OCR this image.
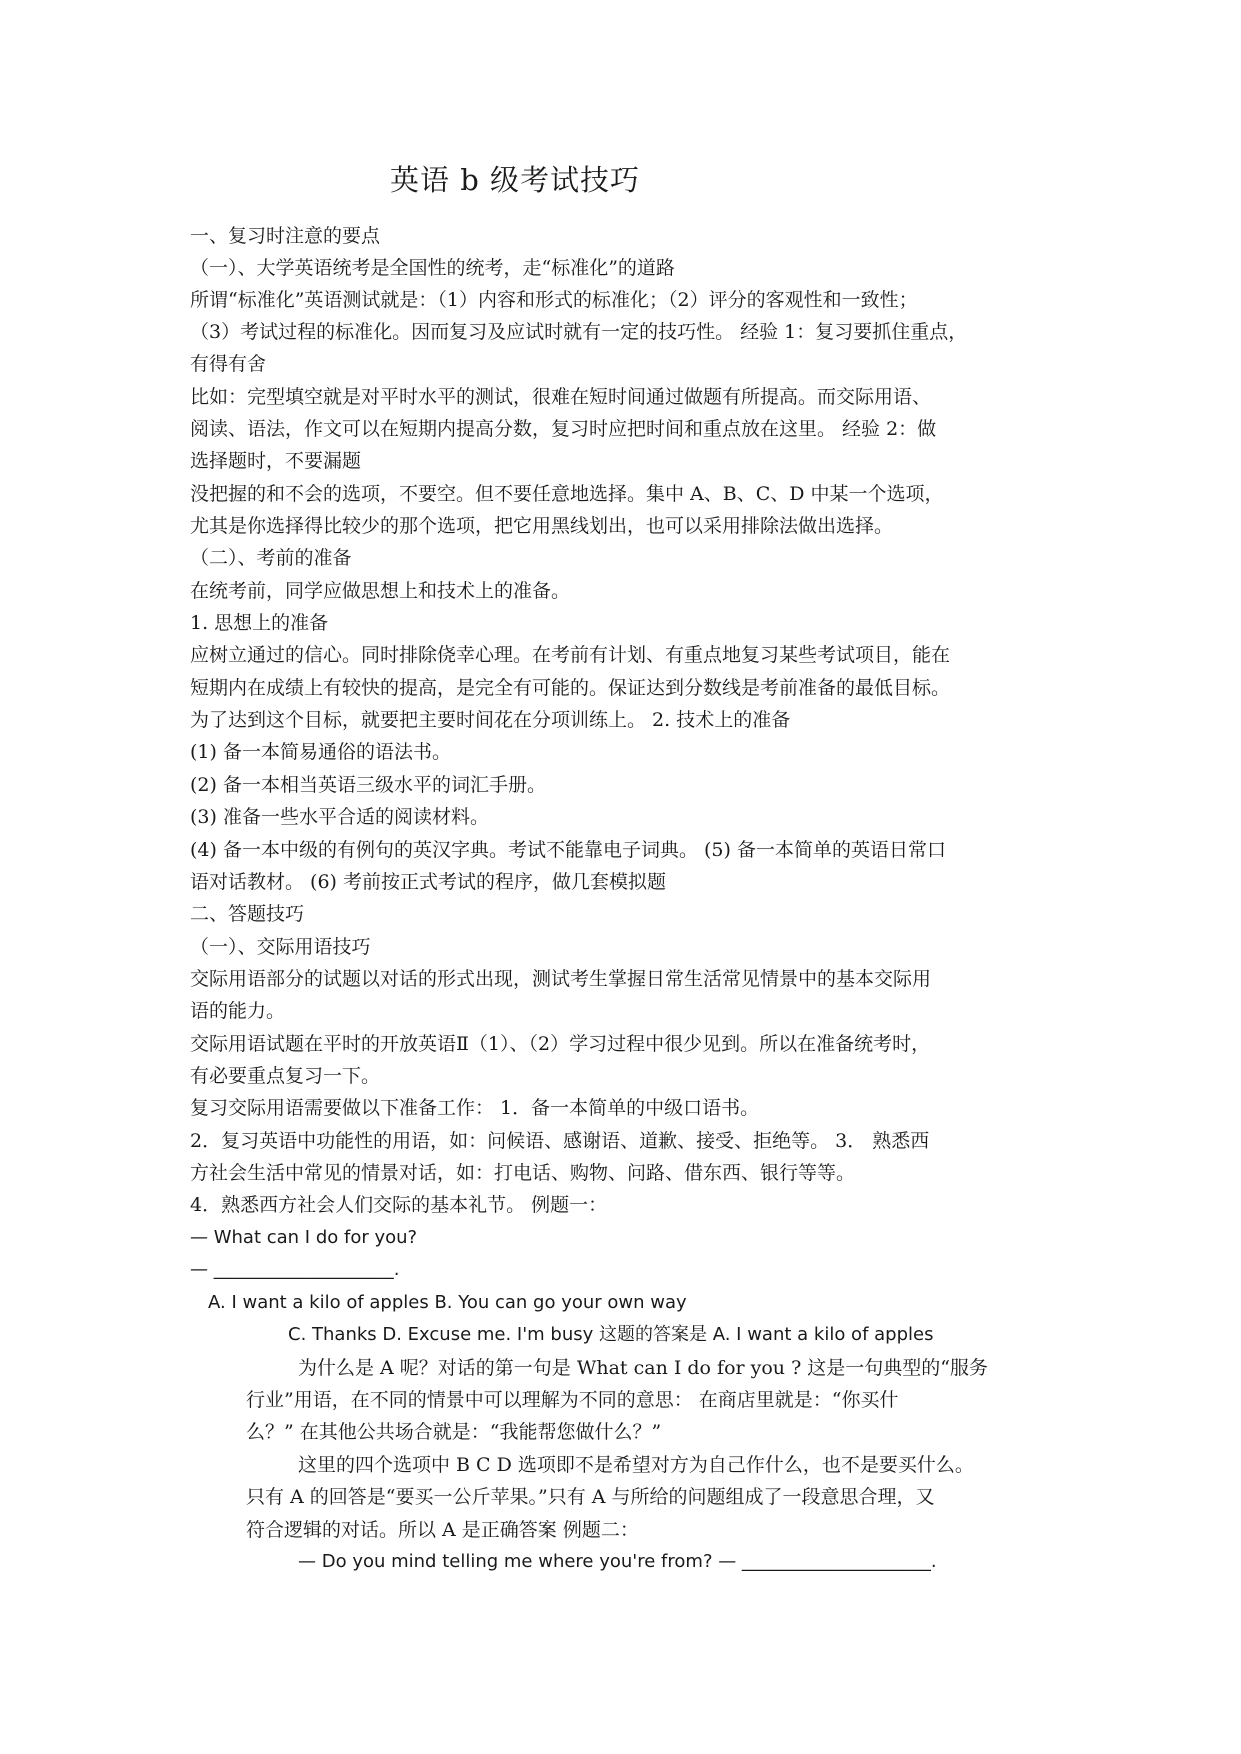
英语 b 级考试技巧
一、复习时注意的要点
（一）、大学英语统考是全国性的统考，走“标准化”的道路
所谓“标准化”英语测试就是：（1）内容和形式的标准化；（2）评分的客观性和一致性；
（3）考试过程的标准化。因而复习及应试时就有一定的技巧性。 经验 1：复习要抓住重点，
有得有舍
比如：完型填空就是对平时水平的测试，很难在短时间通过做题有所提高。而交际用语、
阅读、语法，作文可以在短期内提高分数，复习时应把时间和重点放在这里。 经验 2：做
选择题时，不要漏题
没把握的和不会的选项，不要空。但不要任意地选择。集中 A、B、C、D 中某一个选项，
尤其是你选择得比较少的那个选项，把它用黑线划出，也可以采用排除法做出选择。
（二）、考前的准备
在统考前，同学应做思想上和技术上的准备。
1. 思想上的准备
应树立通过的信心。同时排除侥幸心理。在考前有计划、有重点地复习某些考试项目，能在
短期内在成绩上有较快的提高，是完全有可能的。保证达到分数线是考前准备的最低目标。
为了达到这个目标，就要把主要时间花在分项训练上。 2. 技术上的准备
(1) 备一本简易通俗的语法书。
(2) 备一本相当英语三级水平的词汇手册。
(3) 准备一些水平合适的阅读材料。
(4) 备一本中级的有例句的英汉字典。考试不能靠电子词典。 (5) 备一本简单的英语日常口
语对话教材。 (6) 考前按正式考试的程序，做几套模拟题
二、答题技巧
（一）、交际用语技巧
交际用语部分的试题以对话的形式出现，测试考生掌握日常生活常见情景中的基本交际用
语的能力。
交际用语试题在平时的开放英语Ⅱ（1）、（2）学习过程中很少见到。所以在准备统考时，
有必要重点复习一下。
复习交际用语需要做以下准备工作： 1．备一本简单的中级口语书。
2．复习英语中功能性的用语，如：问候语、感谢语、道歉、接受、拒绝等。 3． 熟悉西
方社会生活中常见的情景对话，如：打电话、购物、问路、借东西、银行等等。
4．熟悉西方社会人们交际的基本礼节。 例题一：
— What can I do for you?
— ____________________.
A. I want a kilo of apples B. You can go your own way
C. Thanks D. Excuse me. I'm busy 这题的答案是 A. I want a kilo of apples
为什么是 A 呢？对话的第一句是 What can I do for you ? 这是一句典型的“服务
行业”用语，在不同的情景中可以理解为不同的意思： 在商店里就是：“你买什
么？” 在其他公共场合就是：“我能帮您做什么？”
这里的四个选项中 B C D 选项即不是希望对方为自己作什么，也不是要买什么。
只有 A 的回答是“要买一公斤苹果。”只有 A 与所给的问题组成了一段意思合理，又
符合逻辑的对话。所以 A 是正确答案 例题二：
— Do you mind telling me where you're from? — _____________________.
